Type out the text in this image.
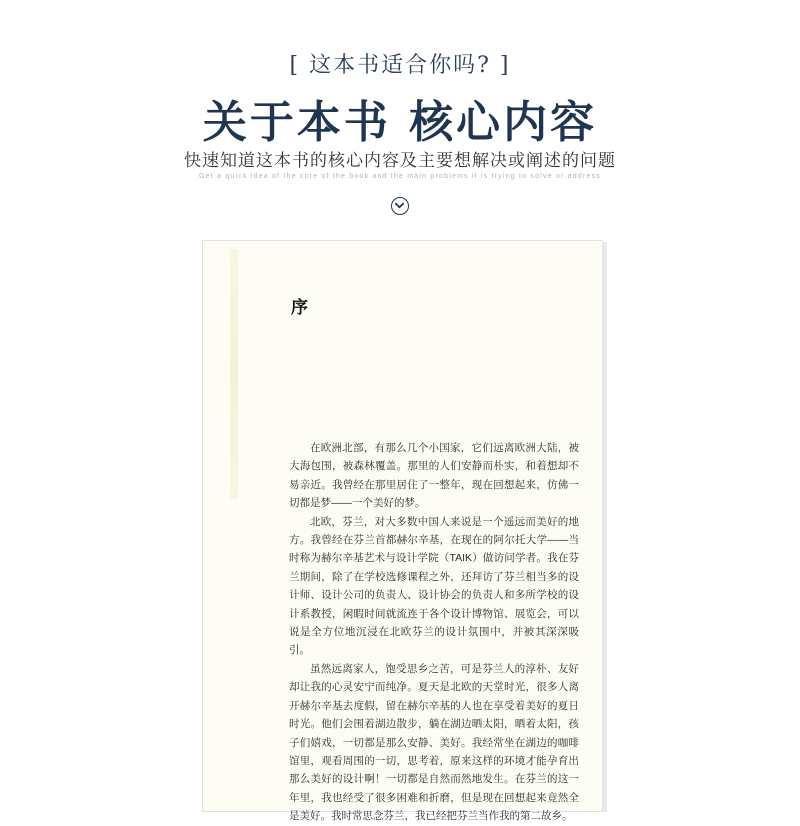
[ 这本书适合你吗? ]
关于本书 核心内容
快速知道这本书的核心内容及主要想解决或阐述的问题
Get a quick idea of the core of the book and the main problems it is trying to solve or address
序

在欧洲北部，有那么几个小国家，它们远离欧洲大陆，被大海包围，被森林覆盖。那里的人们安静而朴实，和着想却不易亲近。我曾经在那里居住了一整年，现在回想起来，仿佛一切都是梦——一个美好的梦。

北欧，芬兰，对大多数中国人来说是一个遥远而美好的地方。我曾经在芬兰首都赫尔辛基，在现在的阿尔托大学——当时称为赫尔辛基艺术与设计学院（TAIK）做访问学者。我在芬兰期间，除了在学校选修课程之外，还拜访了芬兰相当多的设计师、设计公司的负责人、设计协会的负责人和多所学校的设计系教授，闲暇时间就流连于各个设计博物馆、展览会，可以说是全方位地沉浸在北欧芬兰的设计氛围中，并被其深深吸引。

虽然远离家人，饱受思乡之苦，可是芬兰人的淳朴、友好却让我的心灵安宁而纯净。夏天是北欧的天堂时光，很多人离开赫尔辛基去度假，留在赫尔辛基的人也在享受着美好的夏日时光。他们会围着湖边散步，躺在湖边晒太阳，晒着太阳，孩子们嬉戏，一切都是那么安静、美好。我经常坐在湖边的咖啡馆里，观看周围的一切，思考着，原来这样的环境才能孕育出那么美好的设计啊！一切都是自然而然地发生。在芬兰的这一年里，我也经受了很多困难和折磨，但是现在回想起来竟然全是美好。我时常思念芬兰，我已经把芬兰当作我的第二故乡。
